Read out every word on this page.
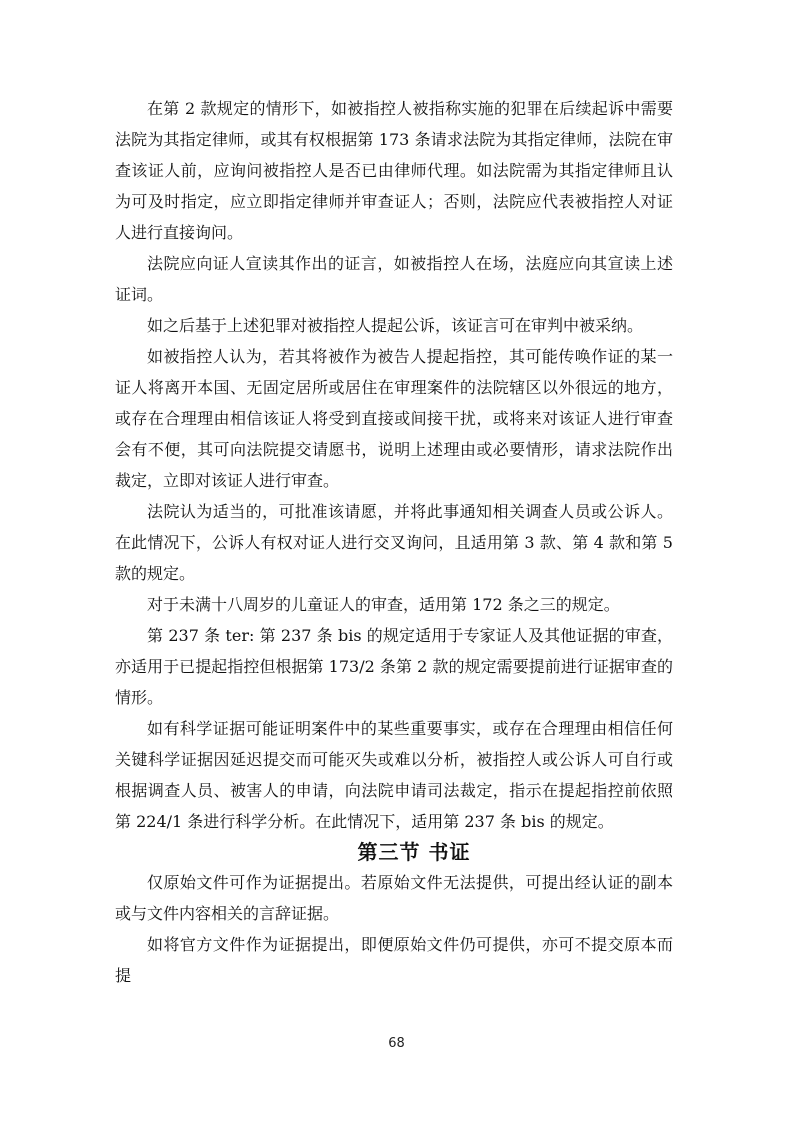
在第 2 款规定的情形下，如被指控人被指称实施的犯罪在后续起诉中需要法院为其指定律师，或其有权根据第 173 条请求法院为其指定律师，法院在审查该证人前，应询问被指控人是否已由律师代理。如法院需为其指定律师且认为可及时指定，应立即指定律师并审查证人；否则，法院应代表被指控人对证人进行直接询问。

法院应向证人宣读其作出的证言，如被指控人在场，法庭应向其宣读上述证词。

如之后基于上述犯罪对被指控人提起公诉，该证言可在审判中被采纳。

如被指控人认为，若其将被作为被告人提起指控，其可能传唤作证的某一证人将离开本国、无固定居所或居住在审理案件的法院辖区以外很远的地方，或存在合理理由相信该证人将受到直接或间接干扰，或将来对该证人进行审查会有不便，其可向法院提交请愿书，说明上述理由或必要情形，请求法院作出裁定，立即对该证人进行审查。

法院认为适当的，可批准该请愿，并将此事通知相关调查人员或公诉人。在此情况下，公诉人有权对证人进行交叉询问，且适用第 3 款、第 4 款和第 5 款的规定。

对于未满十八周岁的儿童证人的审查，适用第 172 条之三的规定。

第 237 条 ter: 第 237 条 bis 的规定适用于专家证人及其他证据的审查，亦适用于已提起指控但根据第 173/2 条第 2 款的规定需要提前进行证据审查的情形。

如有科学证据可能证明案件中的某些重要事实，或存在合理理由相信任何关键科学证据因延迟提交而可能灭失或难以分析，被指控人或公诉人可自行或根据调查人员、被害人的申请，向法院申请司法裁定，指示在提起指控前依照第 224/1 条进行科学分析。在此情况下，适用第 237 条 bis 的规定。

第三节 书证

仅原始文件可作为证据提出。若原始文件无法提供，可提出经认证的副本或与文件内容相关的言辞证据。

如将官方文件作为证据提出，即便原始文件仍可提供，亦可不提交原本而提

68
